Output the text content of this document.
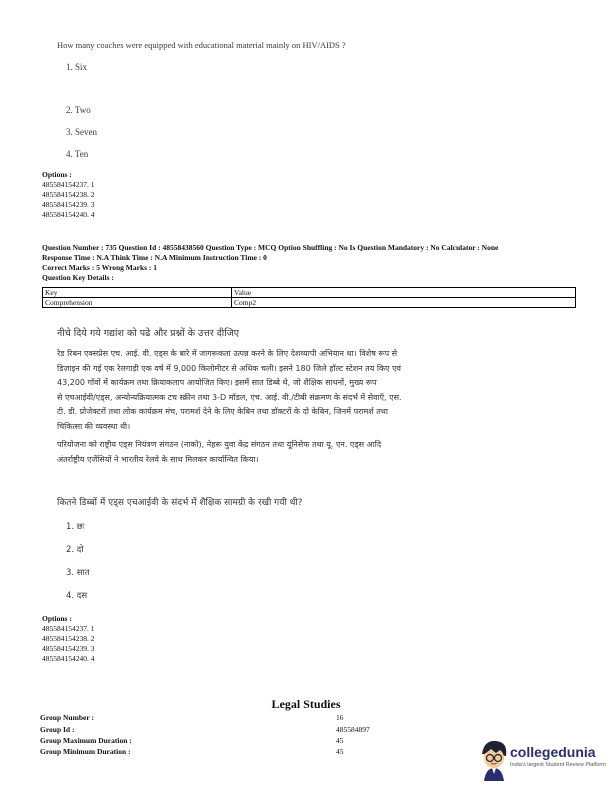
How many coaches were equipped with educational material mainly on HIV/AIDS ?
1. Six
2. Two
3. Seven
4. Ten
Options :
485584154237. 1
485584154238. 2
485584154239. 3
485584154240. 4
Question Number : 735 Question Id : 48558438560 Question Type : MCQ Option Shuffling : No Is Question Mandatory : No Calculator : None
Response Time : N.A Think Time : N.A Minimum Instruction Time : 0
Correct Marks : 5 Wrong Marks : 1
Question Key Details :
Key	Value
Comprehension	Comp2
नीचे दिये गये गद्यांश को पढे और प्रश्नों के उत्तर दीजिए
रेड रिबन एक्सप्रेस एच. आई. वी. एड्स के बारे में जागरूकता उत्पन्न करने के लिए देशव्यापी अभियान था। विशेष रूप से
डिज़ाइन की गई एक रेलगाड़ी एक वर्ष में 9,000 किलोमीटर से अधिक चली। इसने 180 जिले हॉल्ट स्टेशन तय किए एवं
43,200 गाँवों में कार्यक्रम तथा क्रियाकलाप आयोजित किए। इसमें सात डिब्बे थे, जो शैक्षिक साधनों, मुख्य रूप
से एचआईवी/एड्स, अन्योन्यक्रियात्मक टच स्क्रीन तथा 3-D मॉडल, एच. आई. वी./टीबी संक्रमण के संदर्भ में सेवाएँ, एस.
टी. डी. प्रोजेक्टरों तथा लोक कार्यक्रम मंच, परामर्श देने के लिए केबिन तथा डॉक्टरों के दो केबिन, जिनमें परामर्श तथा
चिकित्सा की व्यवस्था थी।
परियोजना को राष्ट्रीय एड्स नियंत्रण संगठन (नाको), नेहरू युवा केंद्र संगठन तथा यूनिसेफ तथा यू. एन. एड्स आदि
अंतर्राष्ट्रीय एजेंसियों ने भारतीय रेलवे के साथ मिलकर कार्यान्वित किया।
कितने डिब्बों में एड्स एचआईवी के संदर्भ में शैक्षिक सामग्री के रखी गयी थी?
1. छः
2. दो
3. सात
4. दस
Options :
485584154237. 1
485584154238. 2
485584154239. 3
485584154240. 4
Legal Studies
Group Number :	16
Group Id :	485584897
Group Maximum Duration :	45
Group Minimum Duration :	45	collegedunia
India's largest Student Review Platform
